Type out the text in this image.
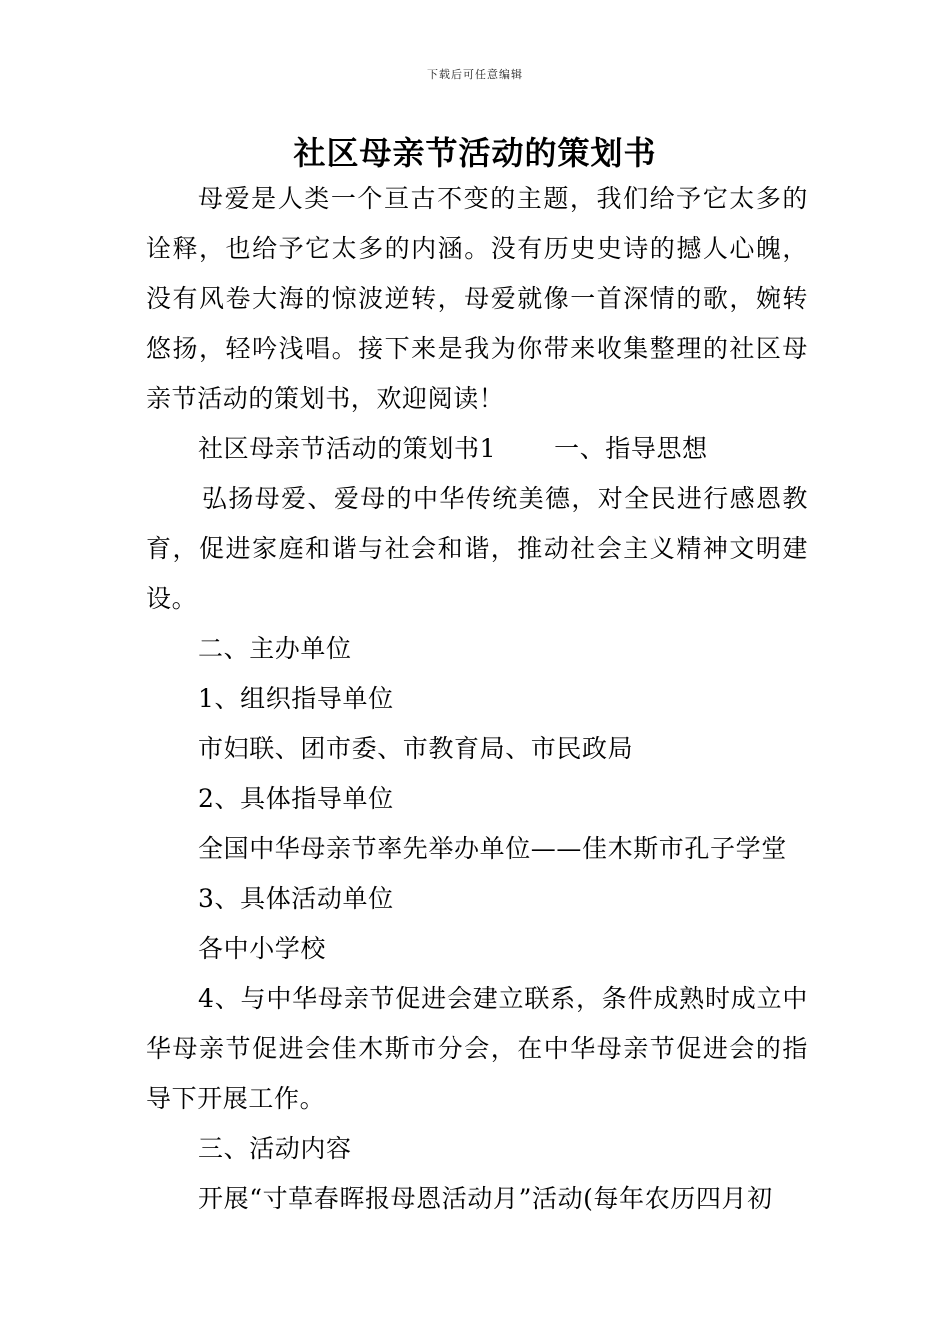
下载后可任意编辑
社区母亲节活动的策划书

母爱是人类一个亘古不变的主题，我们给予它太多的诠释，也给予它太多的内涵。没有历史史诗的撼人心魄，没有风卷大海的惊波逆转，母爱就像一首深情的歌，婉转悠扬，轻吟浅唱。接下来是我为你带来收集整理的社区母亲节活动的策划书，欢迎阅读！

社区母亲节活动的策划书1 一、指导思想

弘扬母爱、爱母的中华传统美德，对全民进行感恩教育，促进家庭和谐与社会和谐，推动社会主义精神文明建设。

二、主办单位

1、组织指导单位

市妇联、团市委、市教育局、市民政局

2、具体指导单位

全国中华母亲节率先举办单位——佳木斯市孔子学堂

3、具体活动单位

各中小学校

4、与中华母亲节促进会建立联系，条件成熟时成立中华母亲节促进会佳木斯市分会，在中华母亲节促进会的指导下开展工作。

三、活动内容

开展“寸草春晖报母恩活动月”活动(每年农历四月初
